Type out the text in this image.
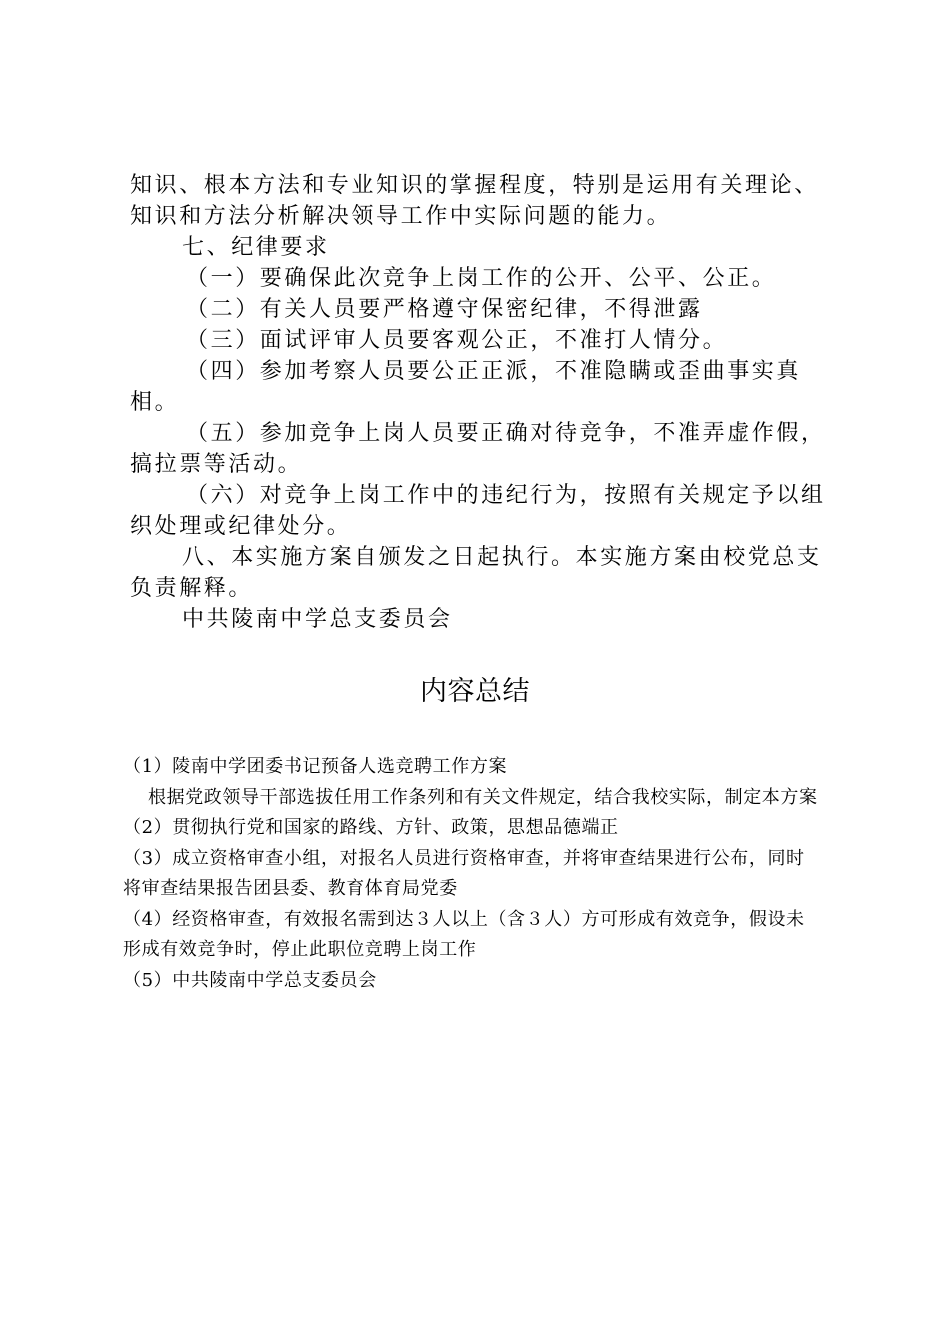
知识、根本方法和专业知识的掌握程度，特别是运用有关理论、知识和方法分析解决领导工作中实际问题的能力。

七、纪律要求

（一）要确保此次竞争上岗工作的公开、公平、公正。

（二）有关人员要严格遵守保密纪律，不得泄露

（三）面试评审人员要客观公正，不准打人情分。

（四）参加考察人员要公正正派，不准隐瞒或歪曲事实真相。

（五）参加竞争上岗人员要正确对待竞争，不准弄虚作假，搞拉票等活动。

（六）对竞争上岗工作中的违纪行为，按照有关规定予以组织处理或纪律处分。

八、本实施方案自颁发之日起执行。本实施方案由校党总支负责解释。

中共陵南中学总支委员会

内容总结

（1）陵南中学团委书记预备人选竞聘工作方案

根据党政领导干部选拔任用工作条列和有关文件规定，结合我校实际，制定本方案

（2）贯彻执行党和国家的路线、方针、政策，思想品德端正

（3）成立资格审查小组，对报名人员进行资格审查，并将审查结果进行公布，同时将审查结果报告团县委、教育体育局党委

（4）经资格审查，有效报名需到达３人以上（含３人）方可形成有效竞争，假设未形成有效竞争时，停止此职位竞聘上岗工作

（5）中共陵南中学总支委员会
